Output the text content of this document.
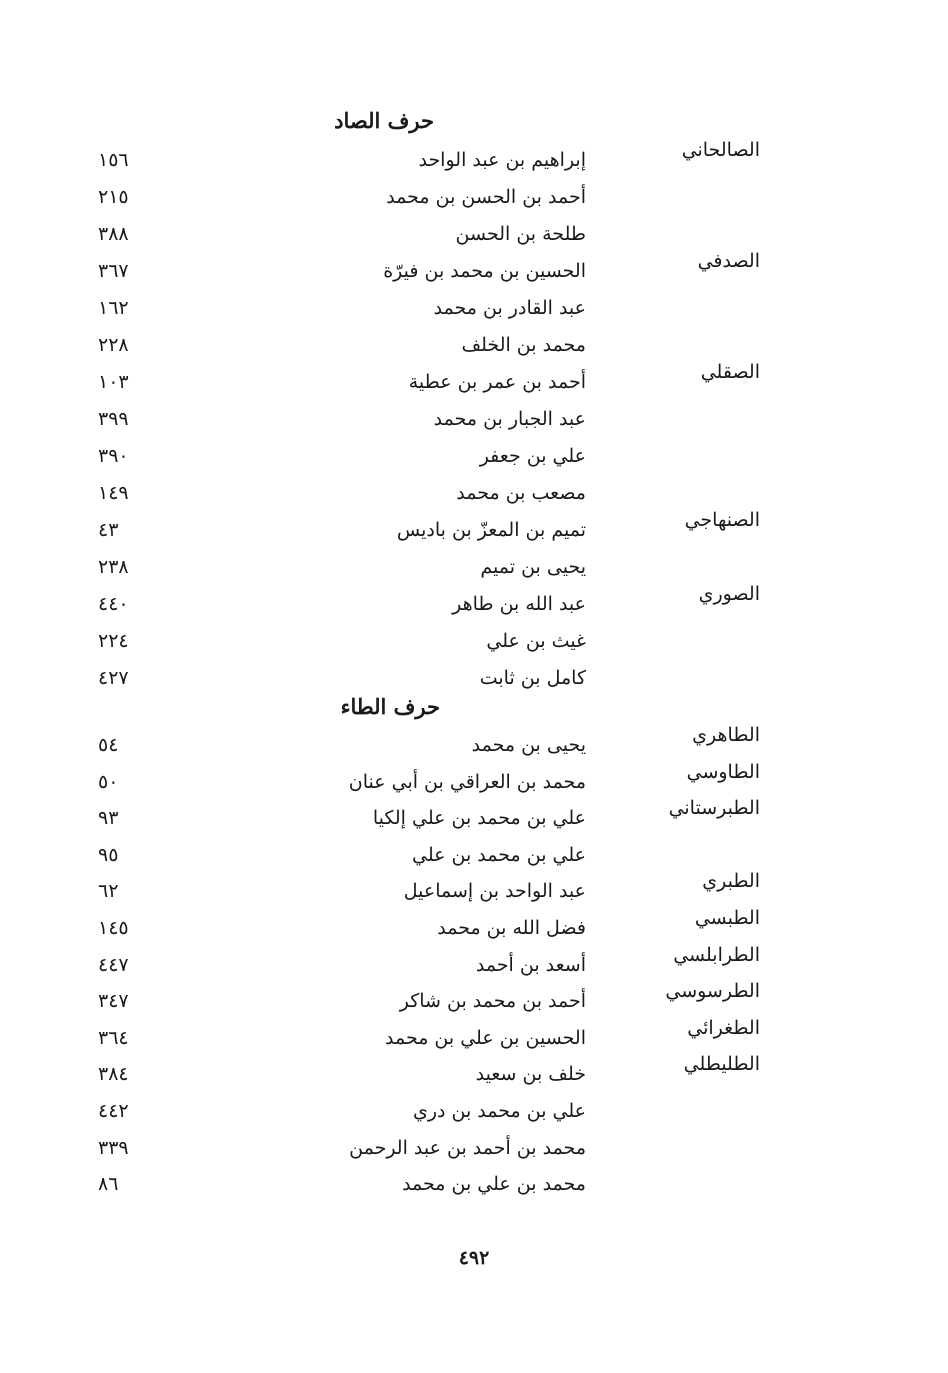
حرف الصاد
الصالحاني
إبراهيم بن عبد الواحد
١٥٦
أحمد بن الحسن بن محمد
٢١٥
طلحة بن الحسن
٣٨٨
الصدفي
الحسين بن محمد بن فيرّة
٣٦٧
عبد القادر بن محمد
١٦٢
محمد بن الخلف
٢٢٨
الصقلي
أحمد بن عمر بن عطية
١٠٣
عبد الجبار بن محمد
٣٩٩
علي بن جعفر
٣٩٠
مصعب بن محمد
١٤٩
الصنهاجي
تميم بن المعزّ بن باديس
٤٣
يحيى بن تميم
٢٣٨
الصوري
عبد الله بن طاهر
٤٤٠
غيث بن علي
٢٢٤
كامل بن ثابت
٤٢٧
حرف الطاء
الطاهري
يحيى بن محمد
٥٤
الطاوسي
محمد بن العراقي بن أبي عنان
٥٠
الطبرستاني
علي بن محمد بن علي إلكيا
٩٣
علي بن محمد بن علي
٩٥
الطبري
عبد الواحد بن إسماعيل
٦٢
الطبسي
فضل الله بن محمد
١٤٥
الطرابلسي
أسعد بن أحمد
٤٤٧
الطرسوسي
أحمد بن محمد بن شاكر
٣٤٧
الطغرائي
الحسين بن علي بن محمد
٣٦٤
الطليطلي
خلف بن سعيد
٣٨٤
علي بن محمد بن دري
٤٤٢
محمد بن أحمد بن عبد الرحمن
٣٣٩
محمد بن علي بن محمد
٨٦
٤٩٢
